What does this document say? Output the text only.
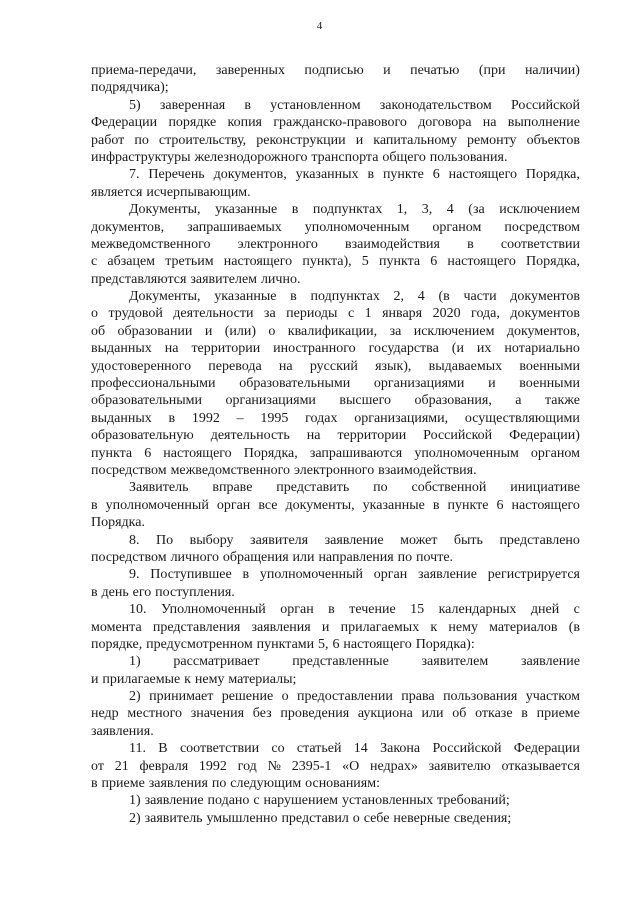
4
приема-передачи, заверенных подписью и печатью (при наличии)
подрядчика);
5) заверенная в установленном законодательством Российской
Федерации порядке копия гражданско-правового договора на выполнение
работ по строительству, реконструкции и капитальному ремонту объектов
инфраструктуры железнодорожного транспорта общего пользования.
7. Перечень документов, указанных в пункте 6 настоящего Порядка,
является исчерпывающим.
Документы, указанные в подпунктах 1, 3, 4 (за исключением
документов, запрашиваемых уполномоченным органом посредством
межведомственного электронного взаимодействия в соответствии
с абзацем третьим настоящего пункта), 5 пункта 6 настоящего Порядка,
представляются заявителем лично.
Документы, указанные в подпунктах 2, 4 (в части документов
о трудовой деятельности за периоды с 1 января 2020 года, документов
об образовании и (или) о квалификации, за исключением документов,
выданных на территории иностранного государства (и их нотариально
удостоверенного перевода на русский язык), выдаваемых военными
профессиональными образовательными организациями и военными
образовательными организациями высшего образования, а также
выданных в 1992 – 1995 годах организациями, осуществляющими
образовательную деятельность на территории Российской Федерации)
пункта 6 настоящего Порядка, запрашиваются уполномоченным органом
посредством межведомственного электронного взаимодействия.
Заявитель вправе представить по собственной инициативе
в уполномоченный орган все документы, указанные в пункте 6 настоящего
Порядка.
8. По выбору заявителя заявление может быть представлено
посредством личного обращения или направления по почте.
9. Поступившее в уполномоченный орган заявление регистрируется
в день его поступления.
10. Уполномоченный орган в течение 15 календарных дней с
момента представления заявления и прилагаемых к нему материалов (в
порядке, предусмотренном пунктами 5, 6 настоящего Порядка):
1) рассматривает представленные заявителем заявление
и прилагаемые к нему материалы;
2) принимает решение о предоставлении права пользования участком
недр местного значения без проведения аукциона или об отказе в приеме
заявления.
11. В соответствии со статьей 14 Закона Российской Федерации
от 21 февраля 1992 год № 2395-1 «О недрах» заявителю отказывается
в приеме заявления по следующим основаниям:
1) заявление подано с нарушением установленных требований;
2) заявитель умышленно представил о себе неверные сведения;
